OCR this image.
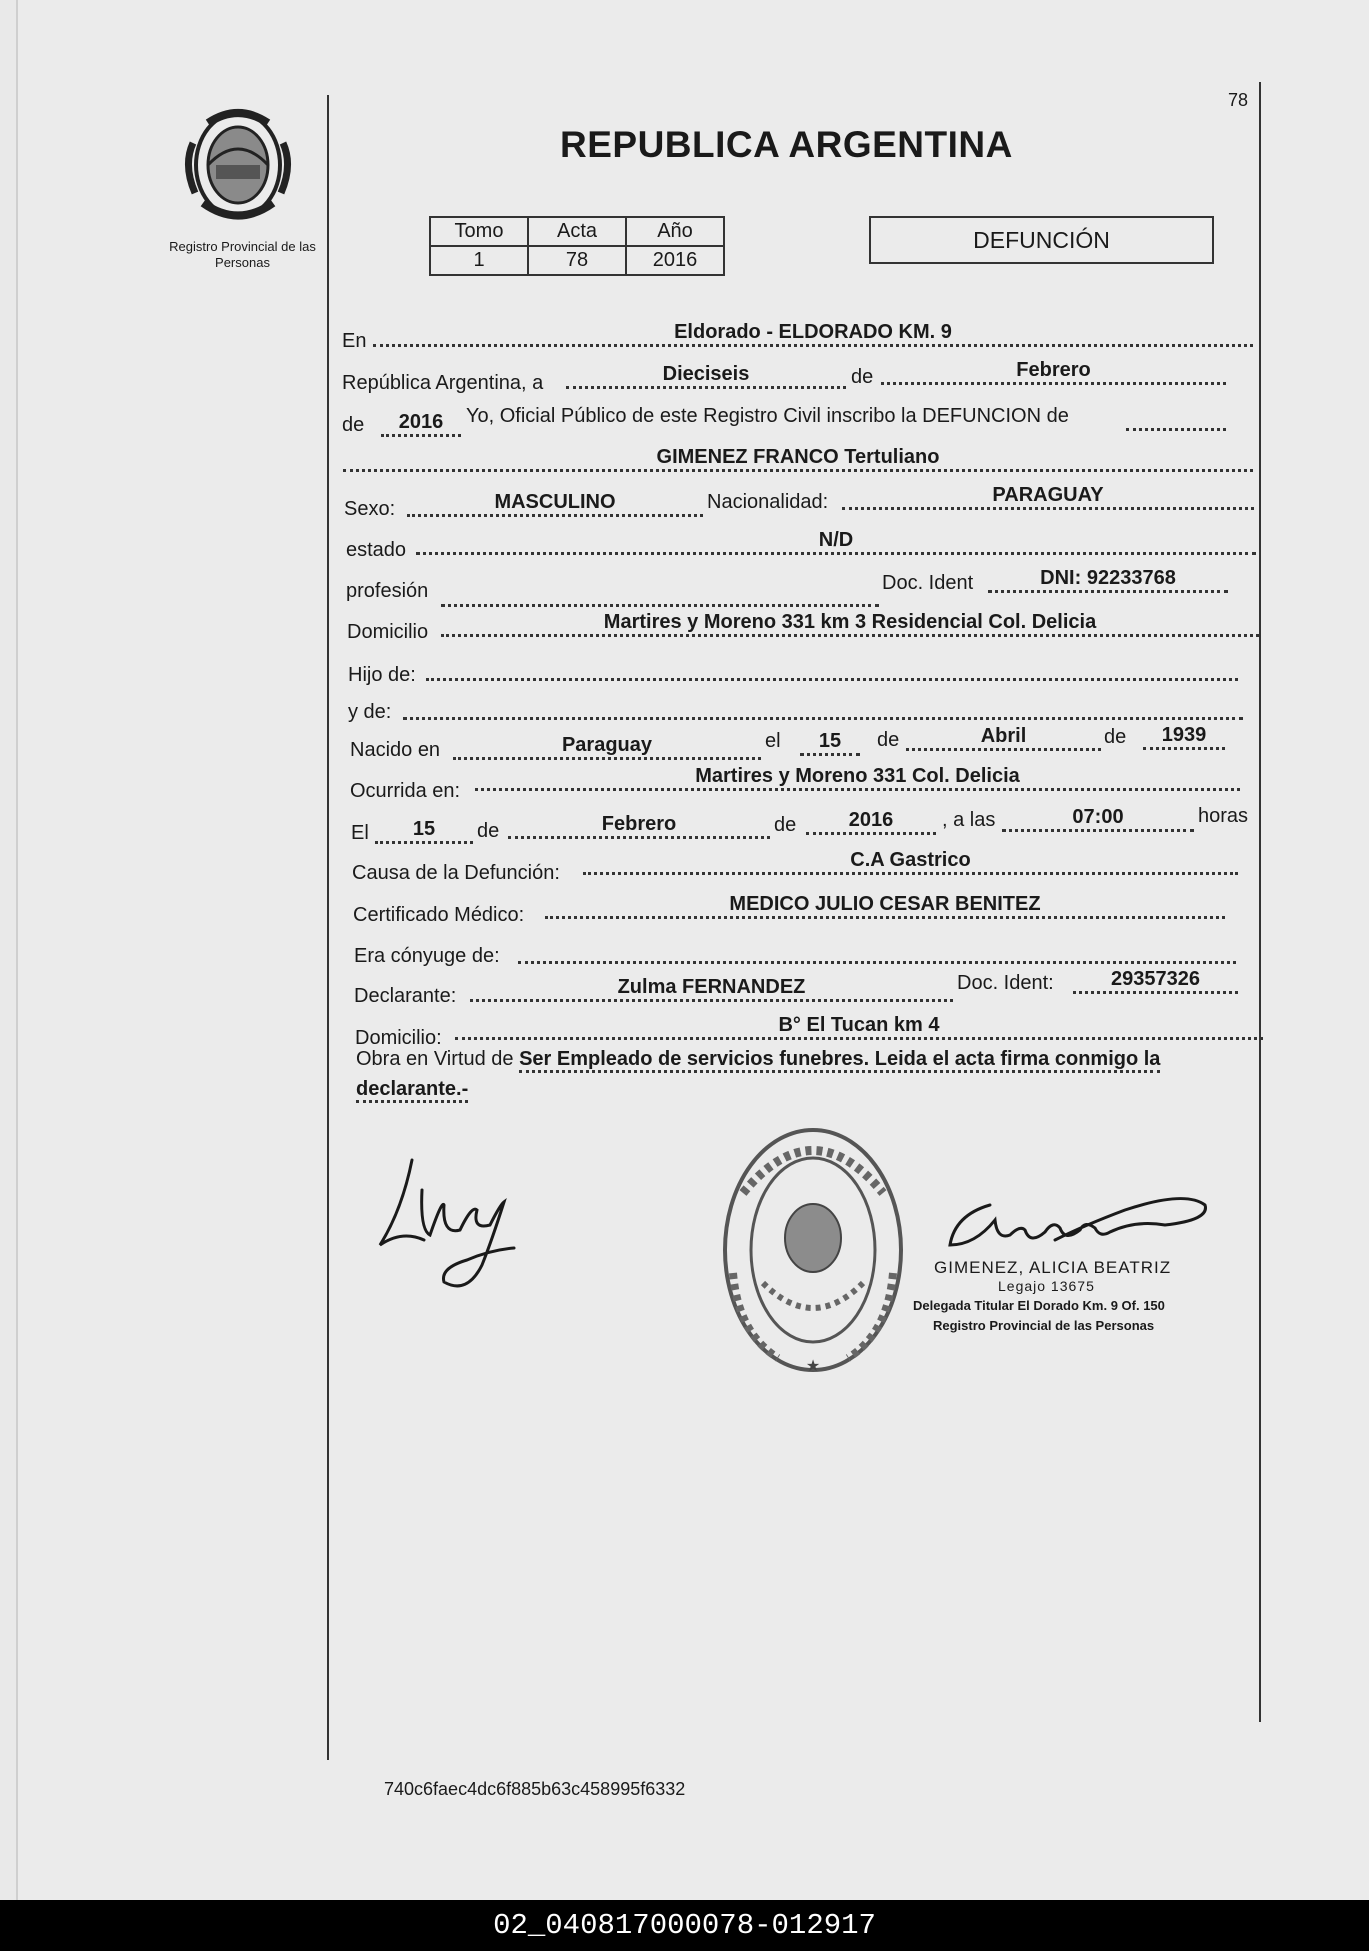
78
Registro Provincial de las Personas
REPUBLICA ARGENTINA
Tomo	Acta	Año
1	78	2016
DEFUNCIÓN
En	Eldorado - ELDORADO KM. 9
República Argentina, a	Dieciseis	de	Febrero
de	2016	Yo, Oficial Público de este Registro Civil inscribo la DEFUNCION de
GIMENEZ FRANCO Tertuliano
Sexo:	MASCULINO	Nacionalidad:	PARAGUAY
estado	N/D
profesión	Doc. Ident	DNI: 92233768
Domicilio	Martires y Moreno 331 km 3 Residencial Col. Delicia
Hijo de:
y de:
Nacido en	Paraguay	el	15	de	Abril	de	1939
Ocurrida en:
Martires y Moreno 331 Col. Delicia
El	15	de	Febrero	de	2016	, a las	07:00	horas
Causa de la Defunción:
C.A Gastrico
Certificado Médico:	MEDICO JULIO CESAR BENITEZ
Era cónyuge de:
Declarante:	Zulma FERNANDEZ	Doc. Ident:	29357326
Domicilio:
B° El Tucan km 4
Obra en Virtud de Ser Empleado de servicios funebres. Leida el acta firma conmigo la declarante.-
★
GIMENEZ, ALICIA BEATRIZ
Legajo 13675
Delegada Titular El Dorado Km. 9 Of. 150
Registro Provincial de las Personas
740c6faec4dc6f885b63c458995f6332
02_040817000078-012917
